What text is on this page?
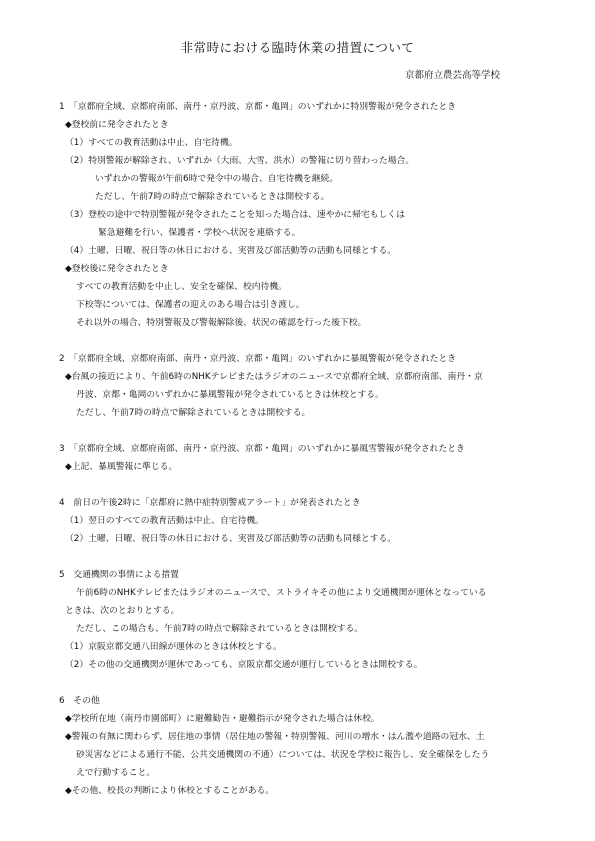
非常時における臨時休業の措置について
京都府立農芸高等学校
1　「京都府全域、京都府南部、南丹・京丹波、京都・亀岡」のいずれかに特別警報が発令されたとき
◆登校前に発令されたとき
（1）すべての教育活動は中止、自宅待機。
（2）特別警報が解除され、いずれか（大雨、大雪、洪水）の警報に切り替わった場合。
いずれかの警報が午前6時で発令中の場合、自宅待機を継続。
ただし、午前7時の時点で解除されているときは開校する。
（3）登校の途中で特別警報が発令されたことを知った場合は、速やかに帰宅もしくは
緊急避難を行い、保護者・学校へ状況を連絡する。
（4）土曜、日曜、祝日等の休日における、実習及び部活動等の活動も同様とする。
◆登校後に発令されたとき
すべての教育活動を中止し、安全を確保、校内待機。
下校等については、保護者の迎えのある場合は引き渡し。
それ以外の場合、特別警報及び警報解除後、状況の確認を行った後下校。
2　「京都府全域、京都府南部、南丹・京丹波、京都・亀岡」のいずれかに暴風警報が発令されたとき
◆台風の接近により、午前6時のNHKテレビまたはラジオのニュースで京都府全域、京都府南部、南丹・京
丹波、京都・亀岡のいずれかに暴風警報が発令されているときは休校とする。
ただし、午前7時の時点で解除されているときは開校する。
3　「京都府全域、京都府南部、南丹・京丹波、京都・亀岡」のいずれかに暴風雪警報が発令されたとき
◆上記、暴風警報に準じる。
4　前日の午後2時に「京都府に熱中症特別警戒アラート」が発表されたとき
（1）翌日のすべての教育活動は中止、自宅待機。
（2）土曜、日曜、祝日等の休日における、実習及び部活動等の活動も同様とする。
5　交通機関の事情による措置
午前6時のNHKテレビまたはラジオのニュースで、ストライキその他により交通機関が運休となっている
ときは、次のとおりとする。
ただし、この場合も、午前7時の時点で解除されているときは開校する。
（1）京阪京都交通八田線が運休のときは休校とする。
（2）その他の交通機関が運休であっても、京阪京都交通が運行しているときは開校する。
6　その他
◆学校所在地（南丹市園部町）に避難勧告・避難指示が発令された場合は休校。
◆警報の有無に関わらず、居住地の事情（居住地の警報・特別警報、河川の増水・はん濫や道路の冠水、土
砂災害などによる通行不能、公共交通機関の不通）については、状況を学校に報告し、安全確保をしたう
えで行動すること。
◆その他、校長の判断により休校とすることがある。
